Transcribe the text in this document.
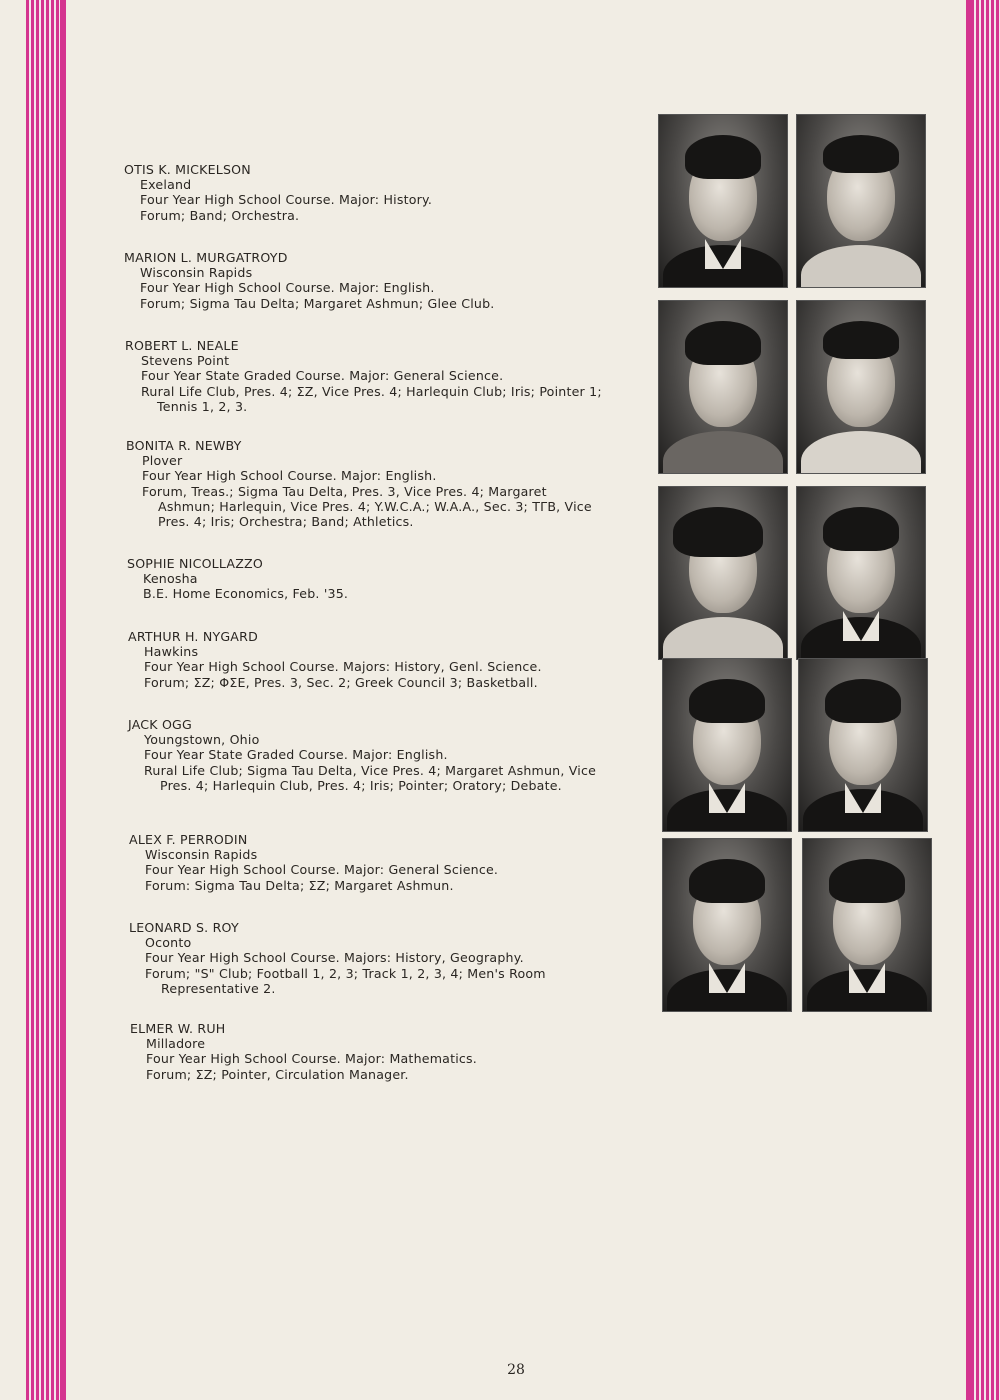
OTIS K. MICKELSON
Exeland
Four Year High School Course. Major: History.
Forum; Band; Orchestra.
MARION L. MURGATROYD
Wisconsin Rapids
Four Year High School Course. Major: English.
Forum; Sigma Tau Delta; Margaret Ashmun; Glee Club.
ROBERT L. NEALE
Stevens Point
Four Year State Graded Course. Major: General Science.
Rural Life Club, Pres. 4; ΣZ, Vice Pres. 4; Harlequin Club; Iris; Pointer 1; Tennis 1, 2, 3.
BONITA R. NEWBY
Plover
Four Year High School Course. Major: English.
Forum, Treas.; Sigma Tau Delta, Pres. 3, Vice Pres. 4; Margaret Ashmun; Harlequin, Vice Pres. 4; Y.W.C.A.; W.A.A., Sec. 3; TΓB, Vice Pres. 4; Iris; Orchestra; Band; Athletics.
SOPHIE NICOLLAZZO
Kenosha
B.E. Home Economics, Feb. '35.
ARTHUR H. NYGARD
Hawkins
Four Year High School Course. Majors: History, Genl. Science.
Forum; ΣZ; ΦΣE, Pres. 3, Sec. 2; Greek Council 3; Basketball.
JACK OGG
Youngstown, Ohio
Four Year State Graded Course. Major: English.
Rural Life Club; Sigma Tau Delta, Vice Pres. 4; Margaret Ashmun, Vice Pres. 4; Harlequin Club, Pres. 4; Iris; Pointer; Oratory; Debate.
ALEX F. PERRODIN
Wisconsin Rapids
Four Year High School Course. Major: General Science.
Forum: Sigma Tau Delta; ΣZ; Margaret Ashmun.
LEONARD S. ROY
Oconto
Four Year High School Course. Majors: History, Geography.
Forum; "S" Club; Football 1, 2, 3; Track 1, 2, 3, 4; Men's Room Representative 2.
ELMER W. RUH
Milladore
Four Year High School Course. Major: Mathematics.
Forum; ΣZ; Pointer, Circulation Manager.
28
